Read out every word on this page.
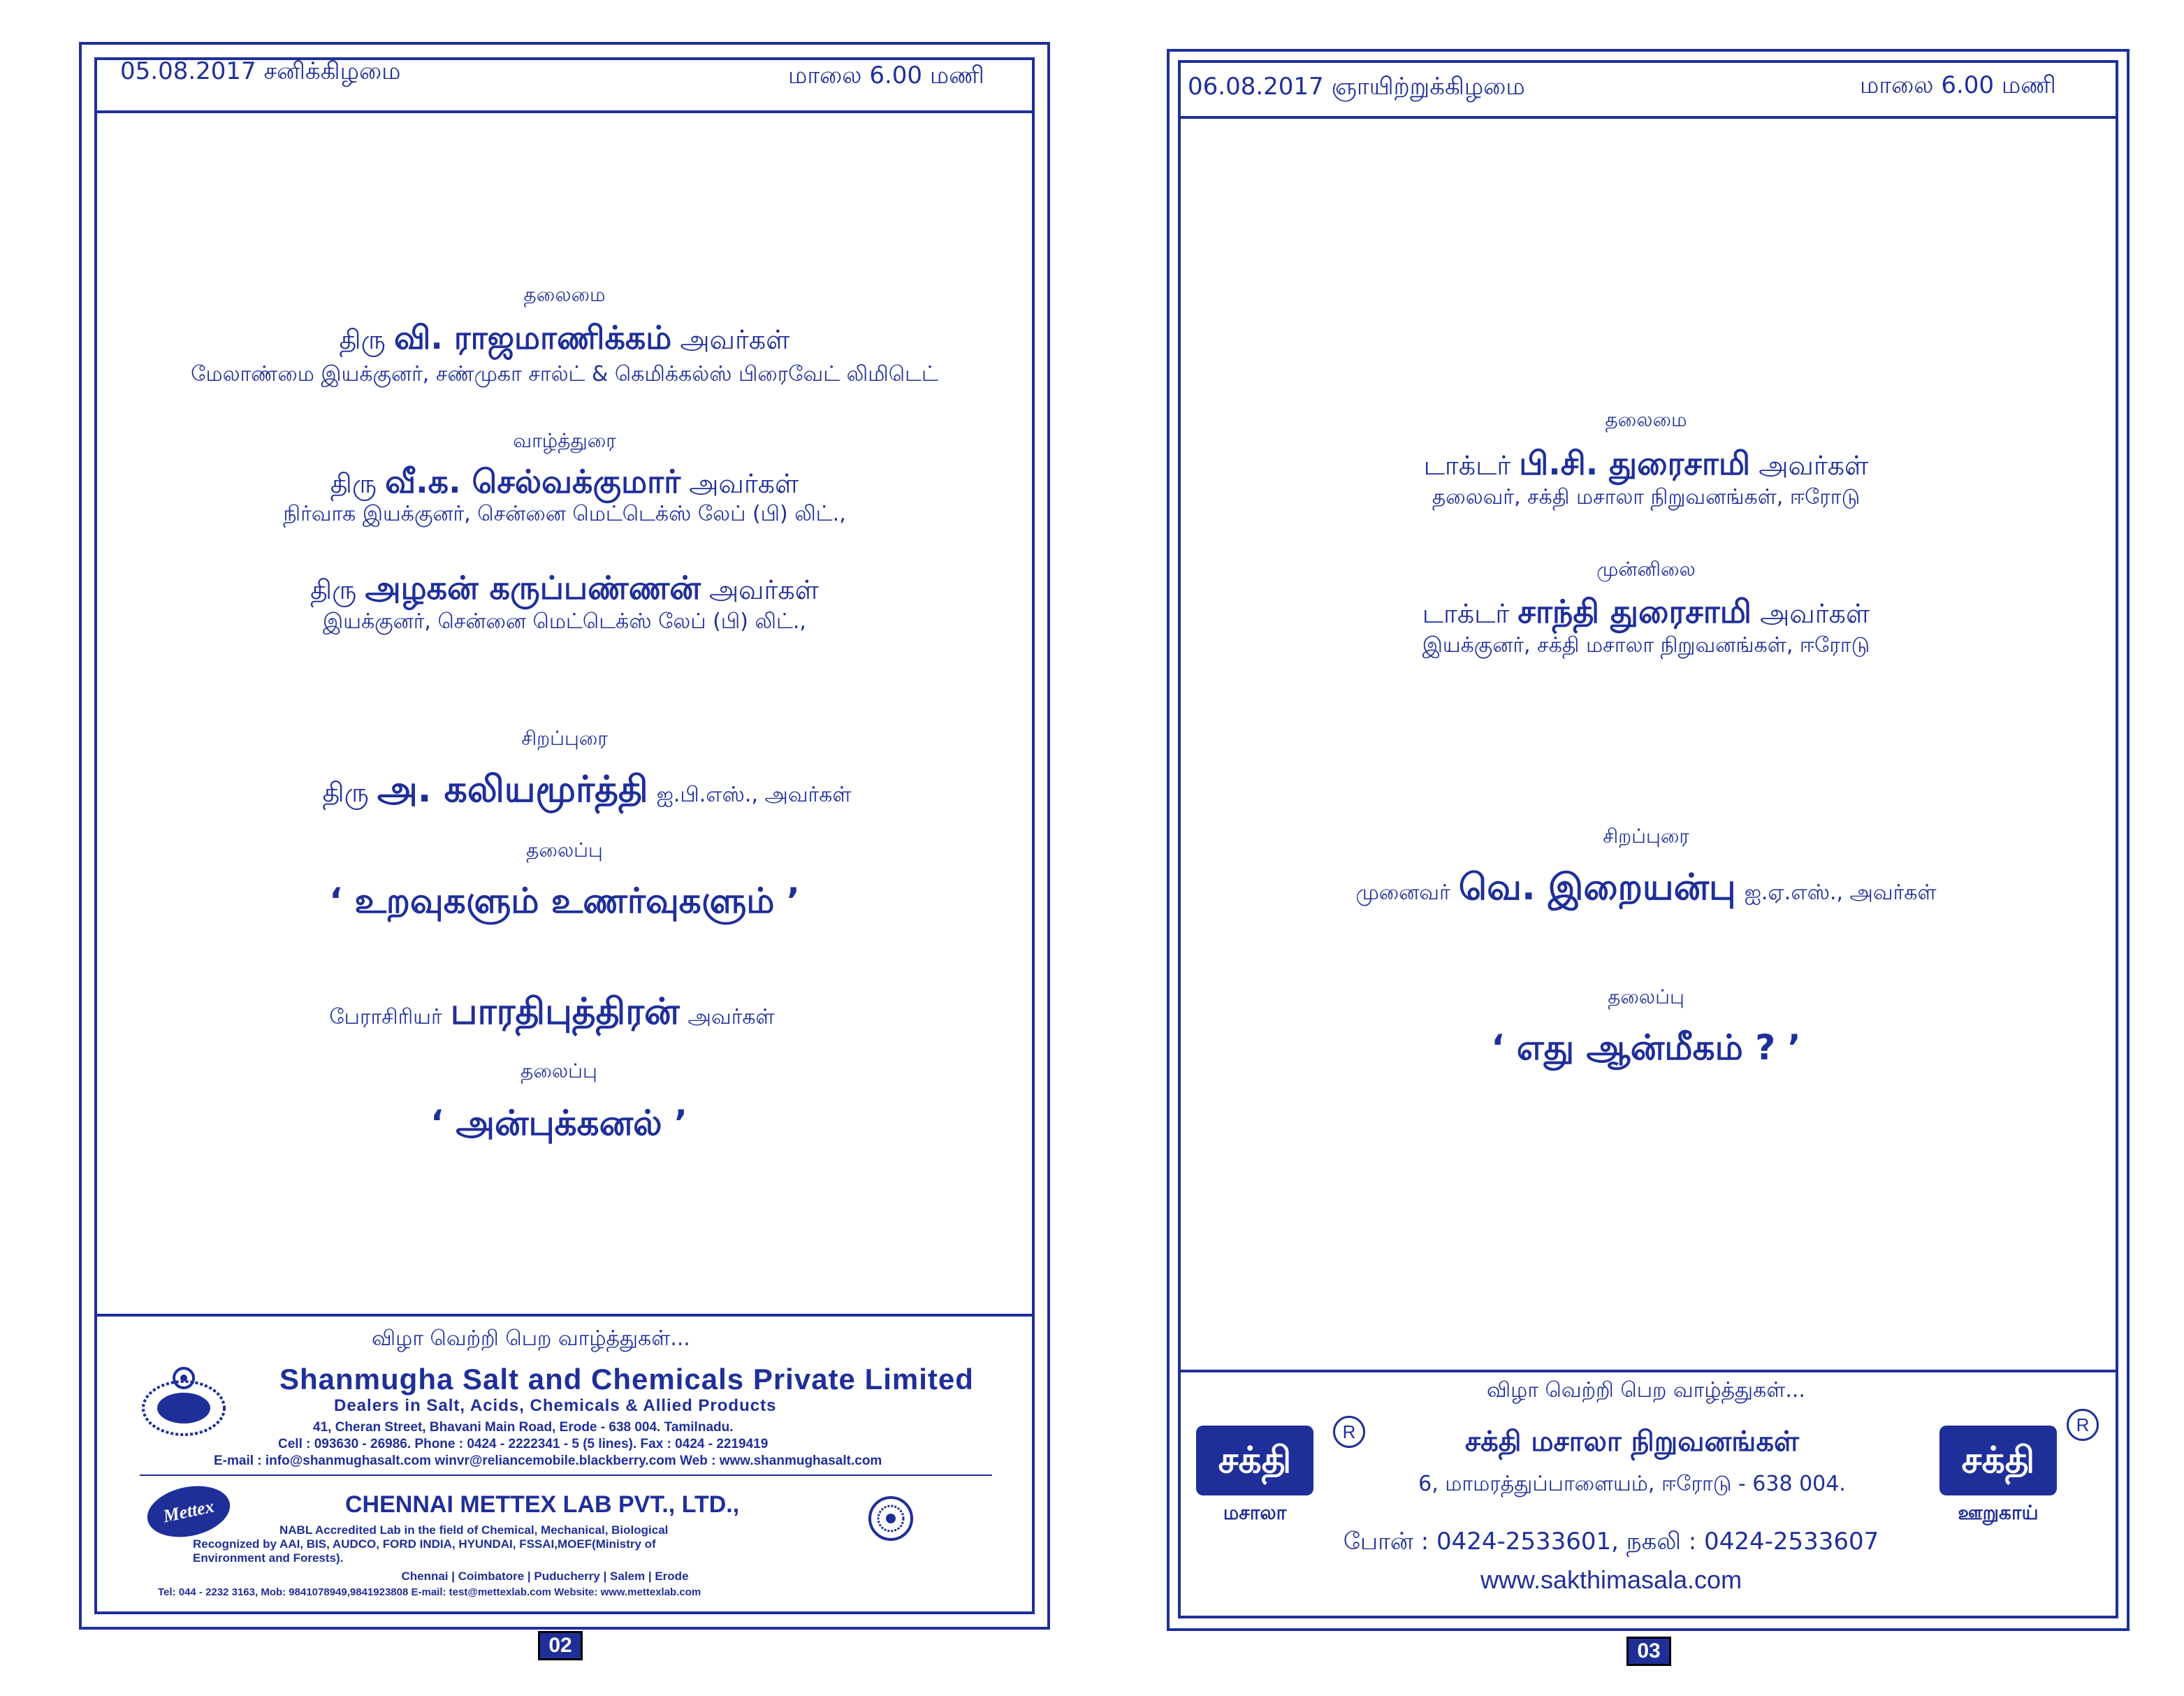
05.08.2017 சனிக்கிழமை	மாலை 6.00 மணி
தலைமை
திரு வி. ராஜமாணிக்கம் அவர்கள்
மேலாண்மை இயக்குனர், சண்முகா சால்ட் & கெமிக்கல்ஸ் பிரைவேட் லிமிடெட்
வாழ்த்துரை
திரு வீ.க. செல்வக்குமார் அவர்கள்
நிர்வாக இயக்குனர், சென்னை மெட்டெக்ஸ் லேப் (பி) லிட்.,
திரு அழகன் கருப்பண்ணன் அவர்கள்
இயக்குனர், சென்னை மெட்டெக்ஸ் லேப் (பி) லிட்.,
சிறப்புரை
திரு அ. கலியமூர்த்தி ஐ.பி.எஸ்., அவர்கள்
தலைப்பு
‘ உறவுகளும் உணர்வுகளும் ’
பேராசிரியர் பாரதிபுத்திரன் அவர்கள்
தலைப்பு
‘ அன்புக்கனல் ’
விழா வெற்றி பெற வாழ்த்துகள்...
Shanmugha Salt and Chemicals Private Limited
Dealers in Salt, Acids, Chemicals & Allied Products
41, Cheran Street, Bhavani Main Road, Erode - 638 004. Tamilnadu.
Cell : 093630 - 26986. Phone : 0424 - 2222341 - 5 (5 lines). Fax : 0424 - 2219419
E-mail : info@shanmughasalt.com winvr@reliancemobile.blackberry.com Web : www.shanmughasalt.com
Mettex	CHENNAI METTEX LAB PVT., LTD.,
NABL Accredited Lab in the field of Chemical, Mechanical, Biological
Recognized by AAI, BIS, AUDCO, FORD INDIA, HYUNDAI, FSSAI,MOEF(Ministry of
Environment and Forests).
Chennai | Coimbatore | Puducherry | Salem | Erode
Tel: 044 - 2232 3163, Mob: 9841078949,9841923808 E-mail: test@mettexlab.com Website: www.mettexlab.com
02
06.08.2017 ஞாயிற்றுக்கிழமை	மாலை 6.00 மணி
தலைமை
டாக்டர் பி.சி. துரைசாமி அவர்கள்
தலைவர், சக்தி மசாலா நிறுவனங்கள், ஈரோடு
முன்னிலை
டாக்டர் சாந்தி துரைசாமி அவர்கள்
இயக்குனர், சக்தி மசாலா நிறுவனங்கள், ஈரோடு
சிறப்புரை
முனைவர் வெ. இறையன்பு ஐ.ஏ.எஸ்., அவர்கள்
தலைப்பு
‘ எது ஆன்மீகம் ? ’
விழா வெற்றி பெற வாழ்த்துகள்...
சக்தி
R
மசாலா
சக்தி மசாலா நிறுவனங்கள்
6, மாமரத்துப்பாளையம், ஈரோடு - 638 004.
போன் : 0424-2533601, நகலி : 0424-2533607
www.sakthimasala.com
சக்தி
R
ஊறுகாய்
03
